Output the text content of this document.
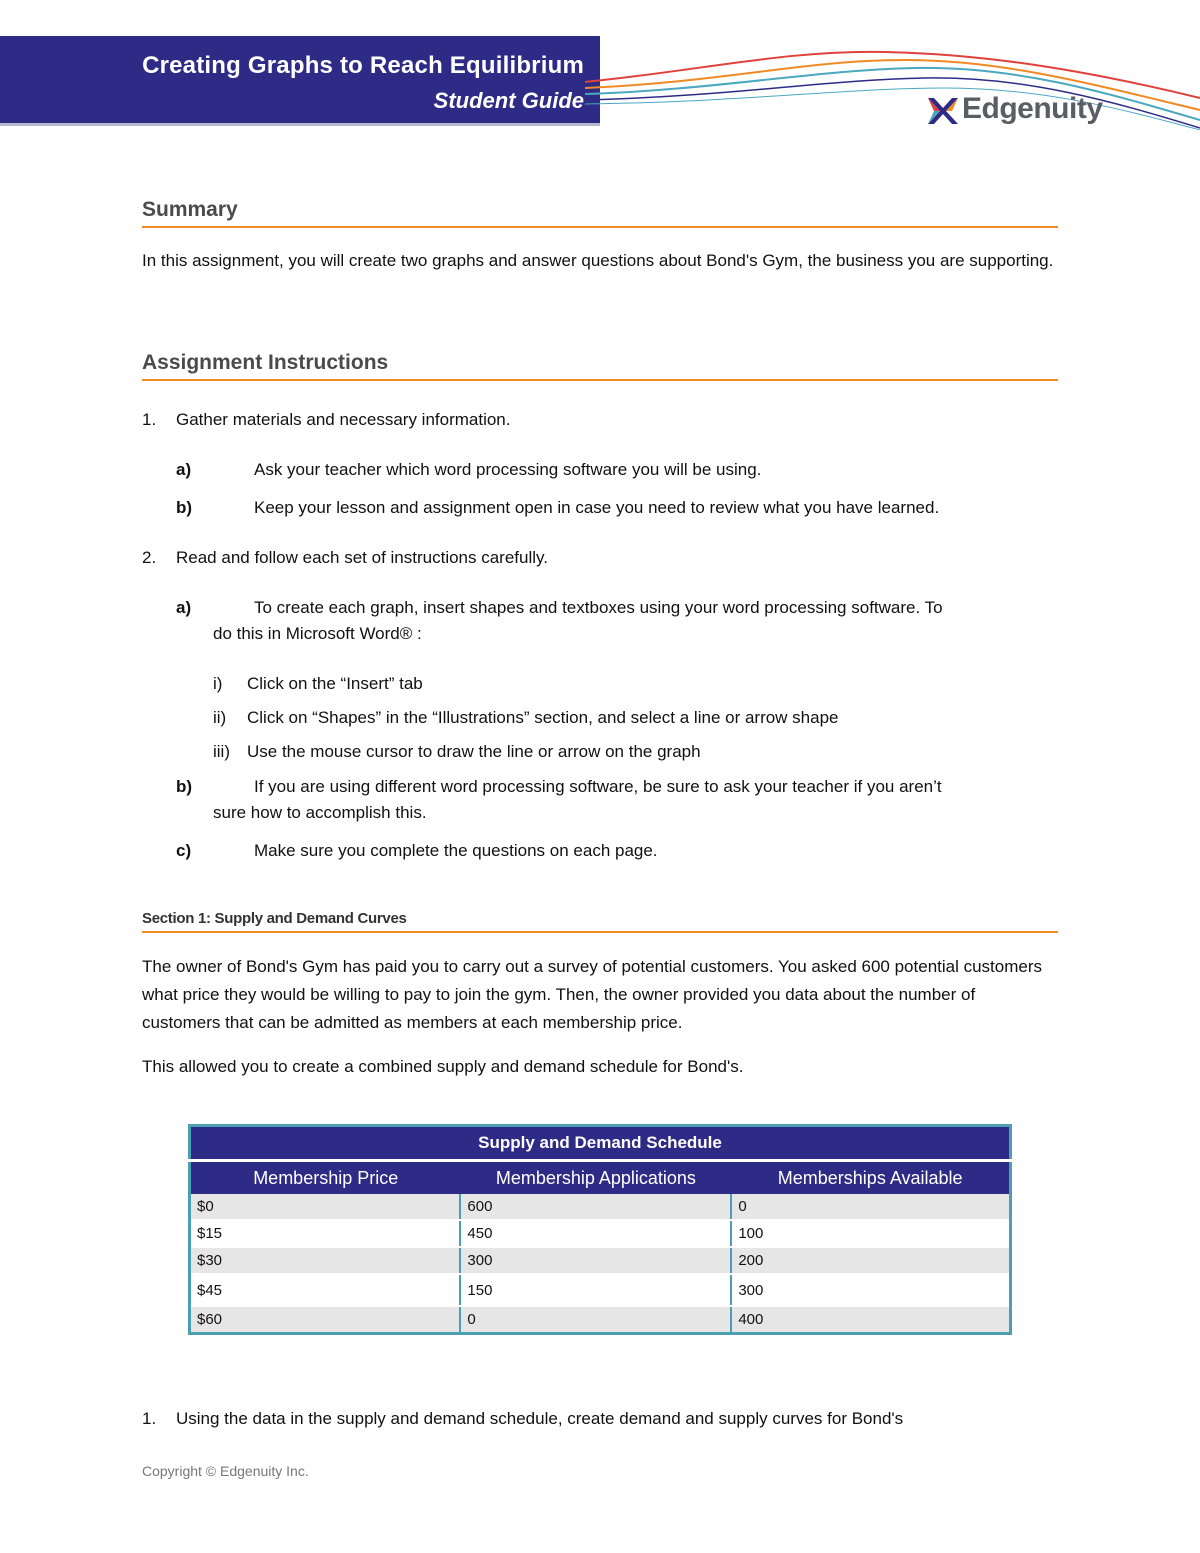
Creating Graphs to Reach Equilibrium
Student Guide	Edgenuity
Summary
In this assignment, you will create two graphs and answer questions about Bond's Gym, the business you are supporting.
Assignment Instructions
1. Gather materials and necessary information.
a)	Ask your teacher which word processing software you will be using.
b)	Keep your lesson and assignment open in case you need to review what you have learned.
2. Read and follow each set of instructions carefully.
a)	To create each graph, insert shapes and textboxes using your word processing software. To
do this in Microsoft Word® :
i) Click on the “Insert” tab
ii) Click on “Shapes” in the “Illustrations” section, and select a line or arrow shape
iii) Use the mouse cursor to draw the line or arrow on the graph
b)	If you are using different word processing software, be sure to ask your teacher if you aren’t
sure how to accomplish this.
c)	Make sure you complete the questions on each page.
Section 1: Supply and Demand Curves
The owner of Bond's Gym has paid you to carry out a survey of potential customers. You asked 600 potential customers what price they would be willing to pay to join the gym. Then, the owner provided you data about the number of customers that can be admitted as members at each membership price.
This allowed you to create a combined supply and demand schedule for Bond's.
Supply and Demand Schedule		
Membership Price	Membership Applications	Memberships Available
$0	600	0
$15	450	100
$30	300	200
$45	150	300
$60	0	400
1. Using the data in the supply and demand schedule, create demand and supply curves for Bond's
Copyright © Edgenuity Inc.
